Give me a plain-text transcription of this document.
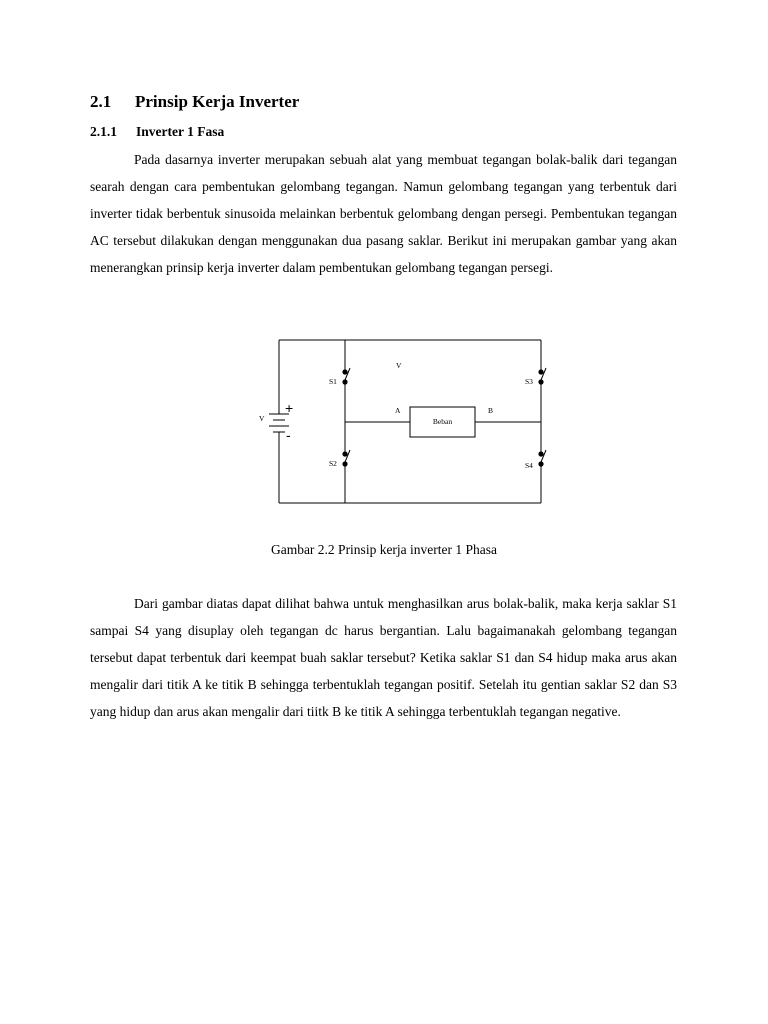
2.1 Prinsip Kerja Inverter
2.1.1 Inverter 1 Fasa

Pada dasarnya inverter merupakan sebuah alat yang membuat tegangan bolak-balik dari tegangan searah dengan cara pembentukan gelombang tegangan. Namun gelombang tegangan yang terbentuk dari inverter tidak berbentuk sinusoida melainkan berbentuk gelombang dengan persegi. Pembentukan tegangan AC tersebut dilakukan dengan menggunakan dua pasang saklar. Berikut ini merupakan gambar yang akan menerangkan prinsip kerja inverter dalam pembentukan gelombang tegangan persegi.

S1
S2
S3
S4
V
V
A	B
Beban
+
-
Gambar 2.2 Prinsip kerja inverter 1 Phasa

Dari gambar diatas dapat dilihat bahwa untuk menghasilkan arus bolak-balik, maka kerja saklar S1 sampai S4 yang disuplay oleh tegangan dc harus bergantian. Lalu bagaimanakah gelombang tegangan tersebut dapat terbentuk dari keempat buah saklar tersebut? Ketika saklar S1 dan S4 hidup maka arus akan mengalir dari titik A ke titik B sehingga terbentuklah tegangan positif. Setelah itu gentian saklar S2 dan S3 yang hidup dan arus akan mengalir dari tiitk B ke titik A sehingga terbentuklah tegangan negative.
